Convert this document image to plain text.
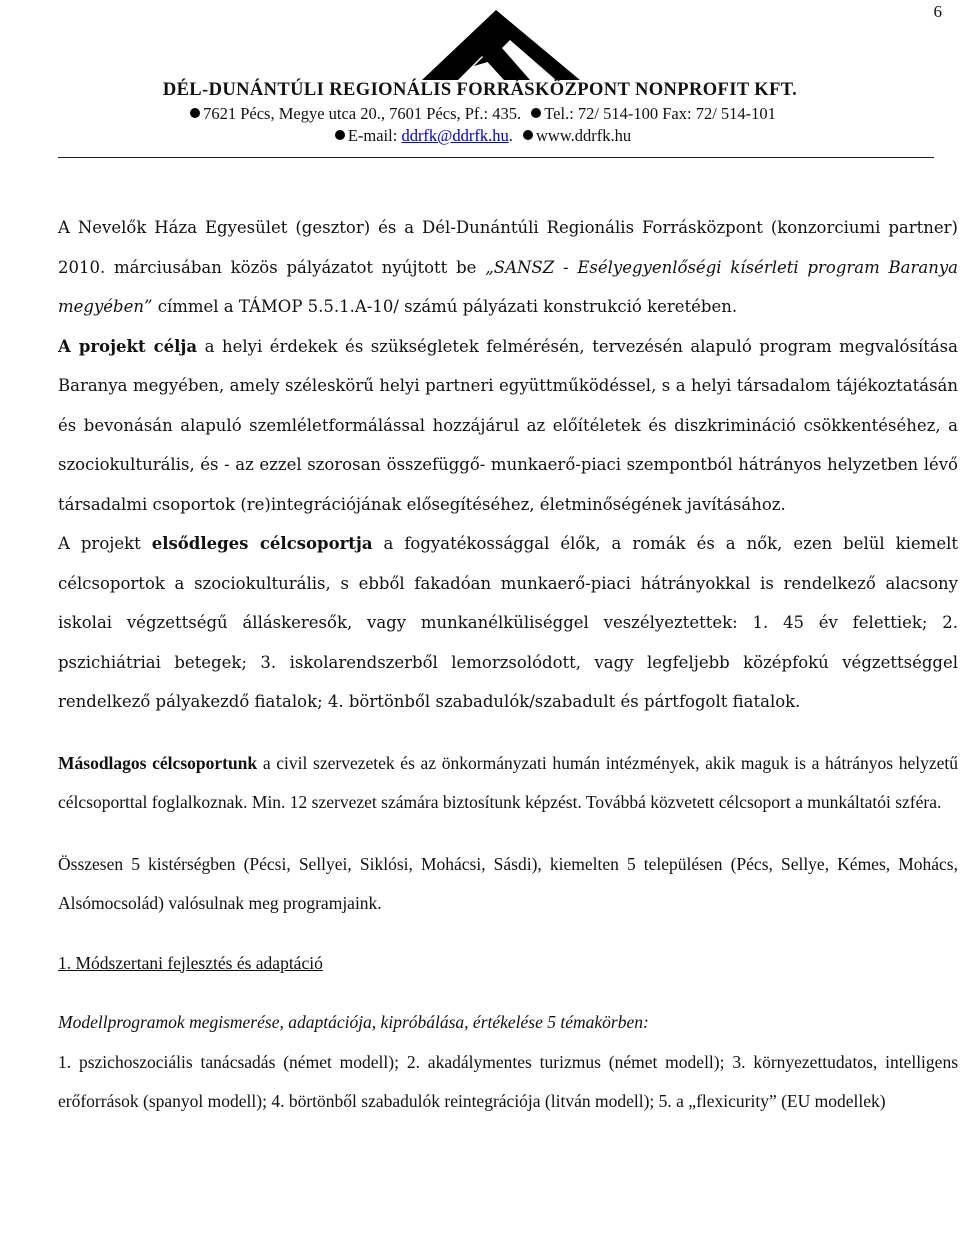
6
DÉL-DUNÁNTÚLI REGIONÁLIS FORRÁSKÖZPONT NONPROFIT KFT.
7621 Pécs, Megye utca 20., 7601 Pécs, Pf.: 435. Tel.: 72/ 514-100 Fax: 72/ 514-101
E-mail: ddrfk@ddrfk.hu. www.ddrfk.hu

A Nevelők Háza Egyesület (gesztor) és a Dél-Dunántúli Regionális Forrásközpont (konzorciumi partner) 2010. márciusában közös pályázatot nyújtott be „SANSZ - Esélyegyenlőségi kísérleti program Baranya megyében” címmel a TÁMOP 5.5.1.A-10/ számú pályázati konstrukció keretében.

A projekt célja a helyi érdekek és szükségletek felmérésén, tervezésén alapuló program megvalósítása Baranya megyében, amely széleskörű helyi partneri együttműködéssel, s a helyi társadalom tájékoztatásán és bevonásán alapuló szemléletformálással hozzájárul az előítéletek és diszkrimináció csökkentéséhez, a szociokulturális, és - az ezzel szorosan összefüggő- munkaerő-piaci szempontból hátrányos helyzetben lévő társadalmi csoportok (re)integrációjának elősegítéséhez, életminőségének javításához.

A projekt elsődleges célcsoportja a fogyatékossággal élők, a romák és a nők, ezen belül kiemelt célcsoportok a szociokulturális, s ebből fakadóan munkaerő-piaci hátrányokkal is rendelkező alacsony iskolai végzettségű álláskeresők, vagy munkanélküliséggel veszélyeztettek: 1. 45 év felettiek; 2. pszichiátriai betegek; 3. iskolarendszerből lemorzsolódott, vagy legfeljebb középfokú végzettséggel rendelkező pályakezdő fiatalok; 4. börtönből szabadulók/szabadult és pártfogolt fiatalok.

Másodlagos célcsoportunk a civil szervezetek és az önkormányzati humán intézmények, akik maguk is a hátrányos helyzetű célcsoporttal foglalkoznak. Min. 12 szervezet számára biztosítunk képzést. Továbbá közvetett célcsoport a munkáltatói szféra.

Összesen 5 kistérségben (Pécsi, Sellyei, Siklósi, Mohácsi, Sásdi), kiemelten 5 településen (Pécs, Sellye, Kémes, Mohács, Alsómocsolád) valósulnak meg programjaink.

1. Módszertani fejlesztés és adaptáció

Modellprogramok megismerése, adaptációja, kipróbálása, értékelése 5 témakörben:

1. pszichoszociális tanácsadás (német modell); 2. akadálymentes turizmus (német modell); 3. környezettudatos, intelligens erőforrások (spanyol modell); 4. börtönből szabadulók reintegrációja (litván modell); 5. a „flexicurity” (EU modellek)
